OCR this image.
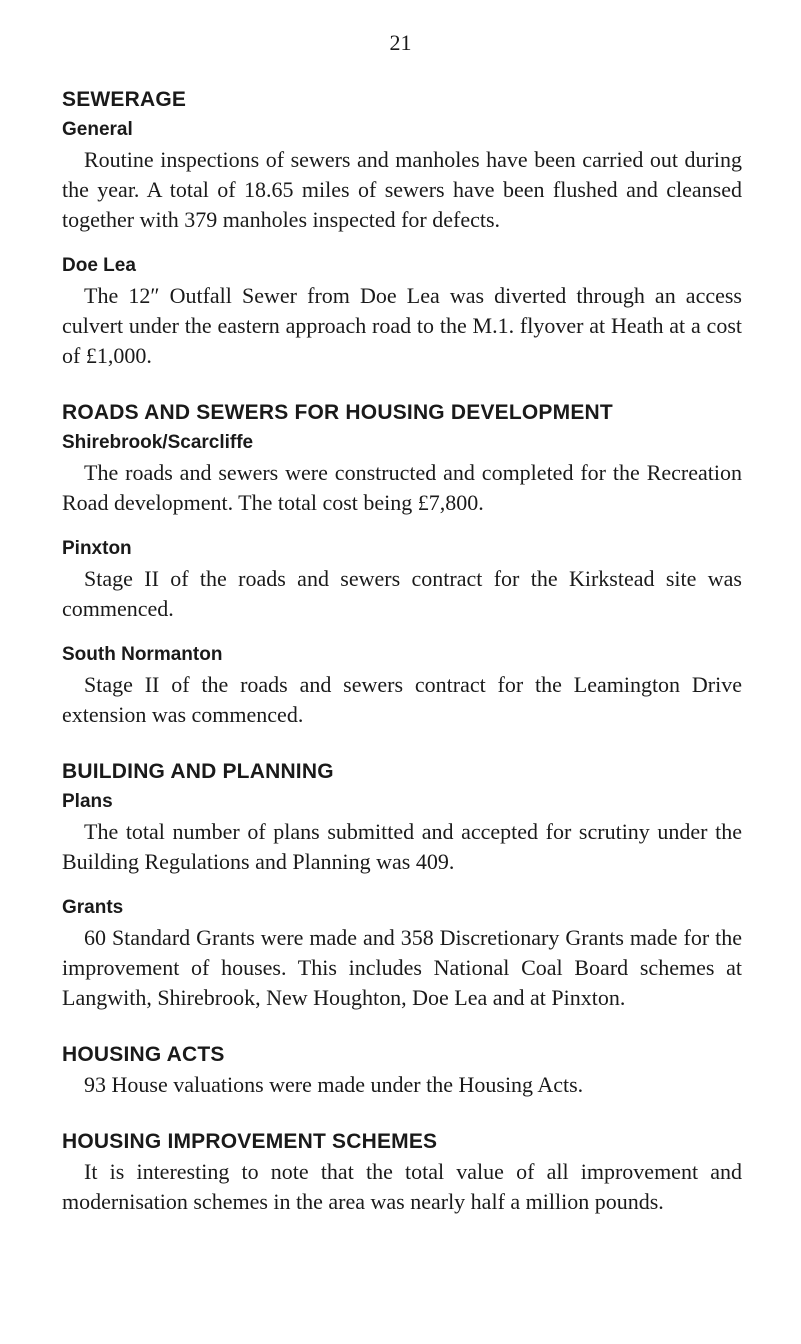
21
SEWERAGE
General

Routine inspections of sewers and manholes have been carried out during the year. A total of 18.65 miles of sewers have been flushed and cleansed together with 379 manholes inspected for defects.

Doe Lea

The 12″ Outfall Sewer from Doe Lea was diverted through an access culvert under the eastern approach road to the M.1. flyover at Heath at a cost of £1,000.

ROADS AND SEWERS FOR HOUSING DEVELOPMENT
Shirebrook/Scarcliffe

The roads and sewers were constructed and completed for the Recreation Road development. The total cost being £7,800.

Pinxton

Stage II of the roads and sewers contract for the Kirkstead site was commenced.

South Normanton

Stage II of the roads and sewers contract for the Leamington Drive extension was commenced.

BUILDING AND PLANNING
Plans

The total number of plans submitted and accepted for scrutiny under the Building Regulations and Planning was 409.

Grants

60 Standard Grants were made and 358 Discretionary Grants made for the improvement of houses. This includes National Coal Board schemes at Langwith, Shirebrook, New Houghton, Doe Lea and at Pinxton.

HOUSING ACTS

93 House valuations were made under the Housing Acts.

HOUSING IMPROVEMENT SCHEMES

It is interesting to note that the total value of all improvement and modernisation schemes in the area was nearly half a million pounds.
